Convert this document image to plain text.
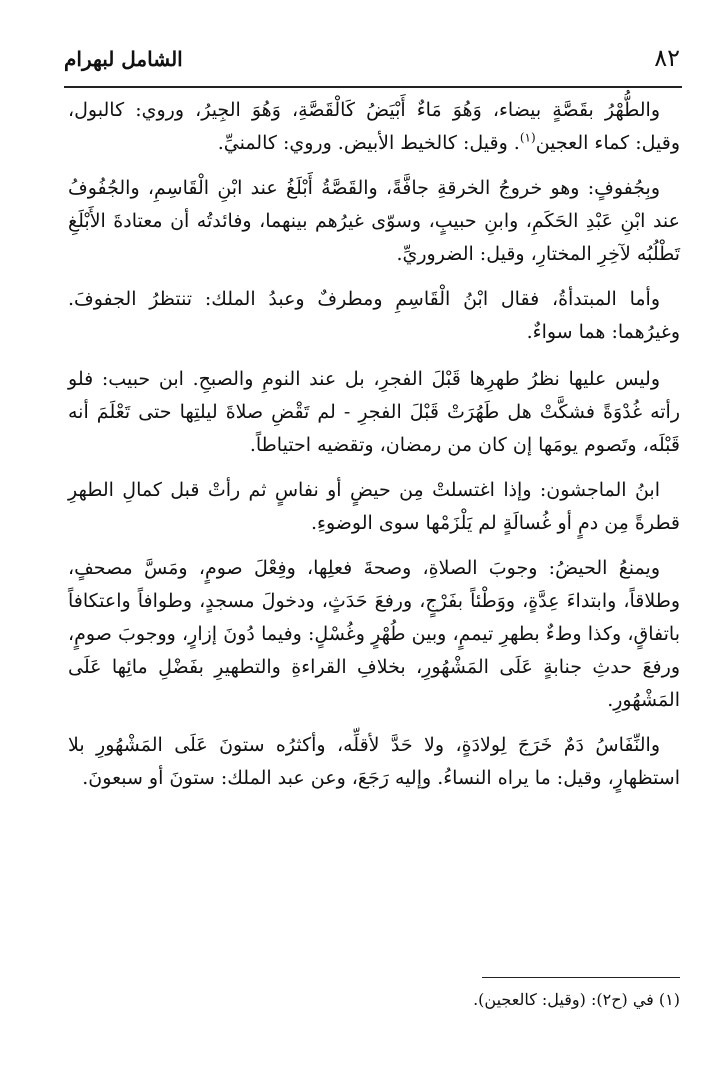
٨٢
الشامل لبهرام

والطُّهْرُ بقَصَّةٍ بيضاء، وَهُوَ مَاءٌ أَبْيَضُ كَالْقَصَّةِ، وَهُوَ الجِيرُ، وروي: كالبول، وقيل: كماء العجين$^{(١)}$. وقيل: كالخيط الأبيض. وروي: كالمنيِّ.

وبِجُفوفٍ: وهو خروجُ الخرقةِ جافَّةً، والقَصَّةُ أَبْلَغُ عند ابْنِ الْقَاسِمِ، والجُفُوفُ عند ابْنِ عَبْدِ الحَكَمِ، وابنِ حبيبٍ، وسوّى غيرُهم بينهما، وفائدتُه أن معتادةَ الأَبْلَغِ تَطْلُبُه لآخِرِ المختارِ، وقيل: الضروريِّ.

وأما المبتدأةُ، فقال ابْنُ الْقَاسِمِ ومطرفٌ وعبدُ الملك: تنتظرُ الجفوفَ. وغيرُهما: هما سواءٌ.

وليس عليها نظرُ طهرِها قَبْلَ الفجرِ، بل عند النومِ والصبحِ. ابن حبيب: فلو رأته غُدْوَةً فشكَّتْ هل طَهُرَتْ قَبْلَ الفجرِ - لم تَقْضِ صلاةَ ليلتِها حتى تَعْلَمَ أنه قَبْلَه، وتَصوم يومَها إن كان من رمضان، وتقضيه احتياطاً.

ابنُ الماجشون: وإذا اغتسلتْ مِن حيضٍ أو نفاسٍ ثم رأتْ قبل كمالِ الطهرِ قطرةً مِن دمٍ أو غُسالَةٍ لم يَلْزَمْها سوى الوضوءِ.

ويمنعُ الحيضُ: وجوبَ الصلاةِ، وصحةَ فعلِها، وفِعْلَ صومٍ، ومَسَّ مصحفٍ، وطلاقاً، وابتداءَ عِدَّةٍ، ووَطْئاً بفَرْجٍ، ورفعَ حَدَثٍ، ودخولَ مسجدٍ، وطوافاً واعتكافاً باتفاقٍ، وكذا وطءٌ بطهرِ تيممٍ، وبين طُهْرٍ وغُسْلٍ: وفيما دُونَ إزارٍ، ووجوبَ صومٍ، ورفعَ حدثِ جنابةٍ عَلَى المَشْهُورِ، بخلافِ القراءةِ والتطهيرِ بفَضْلِ مائِها عَلَى المَشْهُورِ.

والنِّفَاسُ دَمٌ خَرَجَ لِولادَةٍ، ولا حَدَّ لأقلِّه، وأكثرُه ستونَ عَلَى المَشْهُورِ بلا استظهارٍ، وقيل: ما يراه النساءُ. وإليه رَجَعَ، وعن عبد الملك: ستونَ أو سبعونَ.

(١) في (ح٢): (وقيل: كالعجين).
